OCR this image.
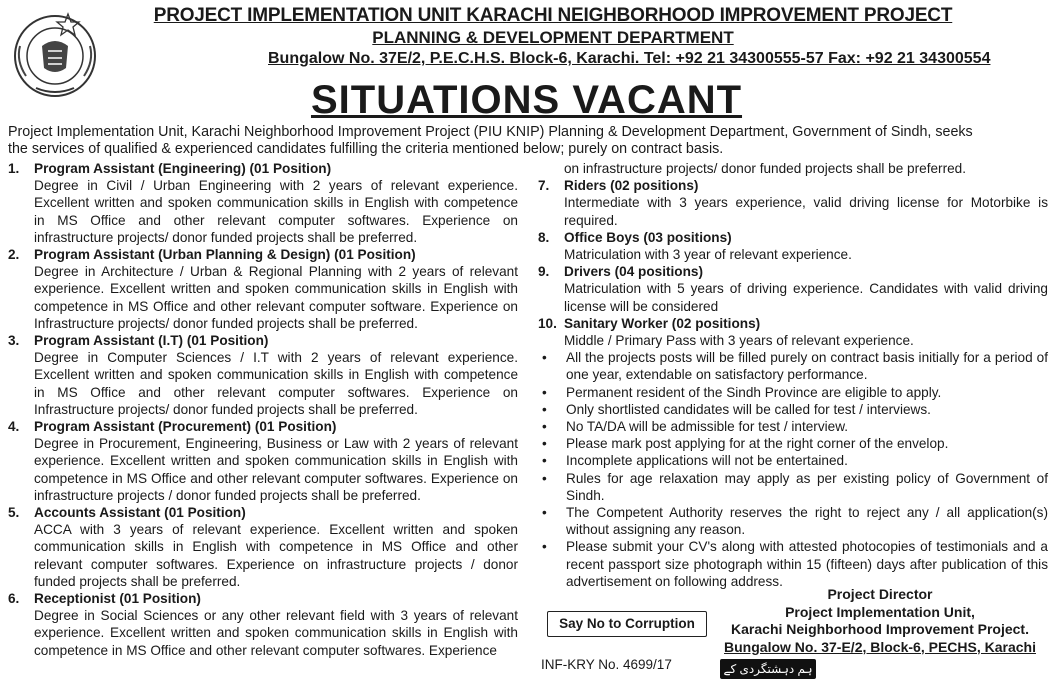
PROJECT IMPLEMENTATION UNIT KARACHI NEIGHBORHOOD IMPROVEMENT PROJECT
PLANNING & DEVELOPMENT DEPARTMENT
Bungalow No. 37E/2, P.E.C.H.S. Block-6, Karachi. Tel: +92 21 34300555-57 Fax: +92 21 34300554
SITUATIONS VACANT
Project Implementation Unit, Karachi Neighborhood Improvement Project (PIU KNIP) Planning & Development Department, Government of Sindh, seeks
the services of qualified & experienced candidates fulfilling the criteria mentioned below; purely on contract basis.
1. Program Assistant (Engineering) (01 Position)
Degree in Civil / Urban Engineering with 2 years of relevant experience. Excellent written and spoken communication skills in English with competence in MS Office and other relevant computer softwares. Experience on infrastructure projects/ donor funded projects shall be preferred.
2. Program Assistant (Urban Planning & Design) (01 Position)
Degree in Architecture / Urban & Regional Planning with 2 years of relevant experience. Excellent written and spoken communication skills in English with competence in MS Office and other relevant computer software. Experience on Infrastructure projects/ donor funded projects shall be preferred.
3. Program Assistant (I.T) (01 Position)
Degree in Computer Sciences / I.T with 2 years of relevant experience. Excellent written and spoken communication skills in English with competence in MS Office and other relevant computer softwares. Experience on Infrastructure projects/ donor funded projects shall be preferred.
4. Program Assistant (Procurement) (01 Position)
Degree in Procurement, Engineering, Business or Law with 2 years of relevant experience. Excellent written and spoken communication skills in English with competence in MS Office and other relevant computer softwares. Experience on infrastructure projects / donor funded projects shall be preferred.
5. Accounts Assistant (01 Position)
ACCA with 3 years of relevant experience. Excellent written and spoken communication skills in English with competence in MS Office and other relevant computer softwares. Experience on infrastructure projects / donor funded projects shall be preferred.
6. Receptionist (01 Position)
Degree in Social Sciences or any other relevant field with 3 years of relevant experience. Excellent written and spoken communication skills in English with competence in MS Office and other relevant computer softwares. Experience
on infrastructure projects/ donor funded projects shall be preferred.
7. Riders (02 positions)
Intermediate with 3 years experience, valid driving license for Motorbike is required.
8. Office Boys (03 positions)
Matriculation with 3 year of relevant experience.
9. Drivers (04 positions)
Matriculation with 5 years of driving experience. Candidates with valid driving license will be considered
10. Sanitary Worker (02 positions)
Middle / Primary Pass with 3 years of relevant experience.
• All the projects posts will be filled purely on contract basis initially for a period of one year, extendable on satisfactory performance.
• Permanent resident of the Sindh Province are eligible to apply.
• Only shortlisted candidates will be called for test / interviews.
• No TA/DA will be admissible for test / interview.
• Please mark post applying for at the right corner of the envelop.
• Incomplete applications will not be entertained.
• Rules for age relaxation may apply as per existing policy of Government of Sindh.
• The Competent Authority reserves the right to reject any / all application(s) without assigning any reason.
• Please submit your CV's along with attested photocopies of testimonials and a recent passport size photograph within 15 (fifteen) days after publication of this advertisement on following address.
Say No to Corruption
Project Director
Project Implementation Unit,
Karachi Neighborhood Improvement Project.
Bungalow No. 37-E/2, Block-6, PECHS, Karachi
INF-KRY No. 4699/17	ہم دہشتگردی کے خلاف متحد ہیں۔
